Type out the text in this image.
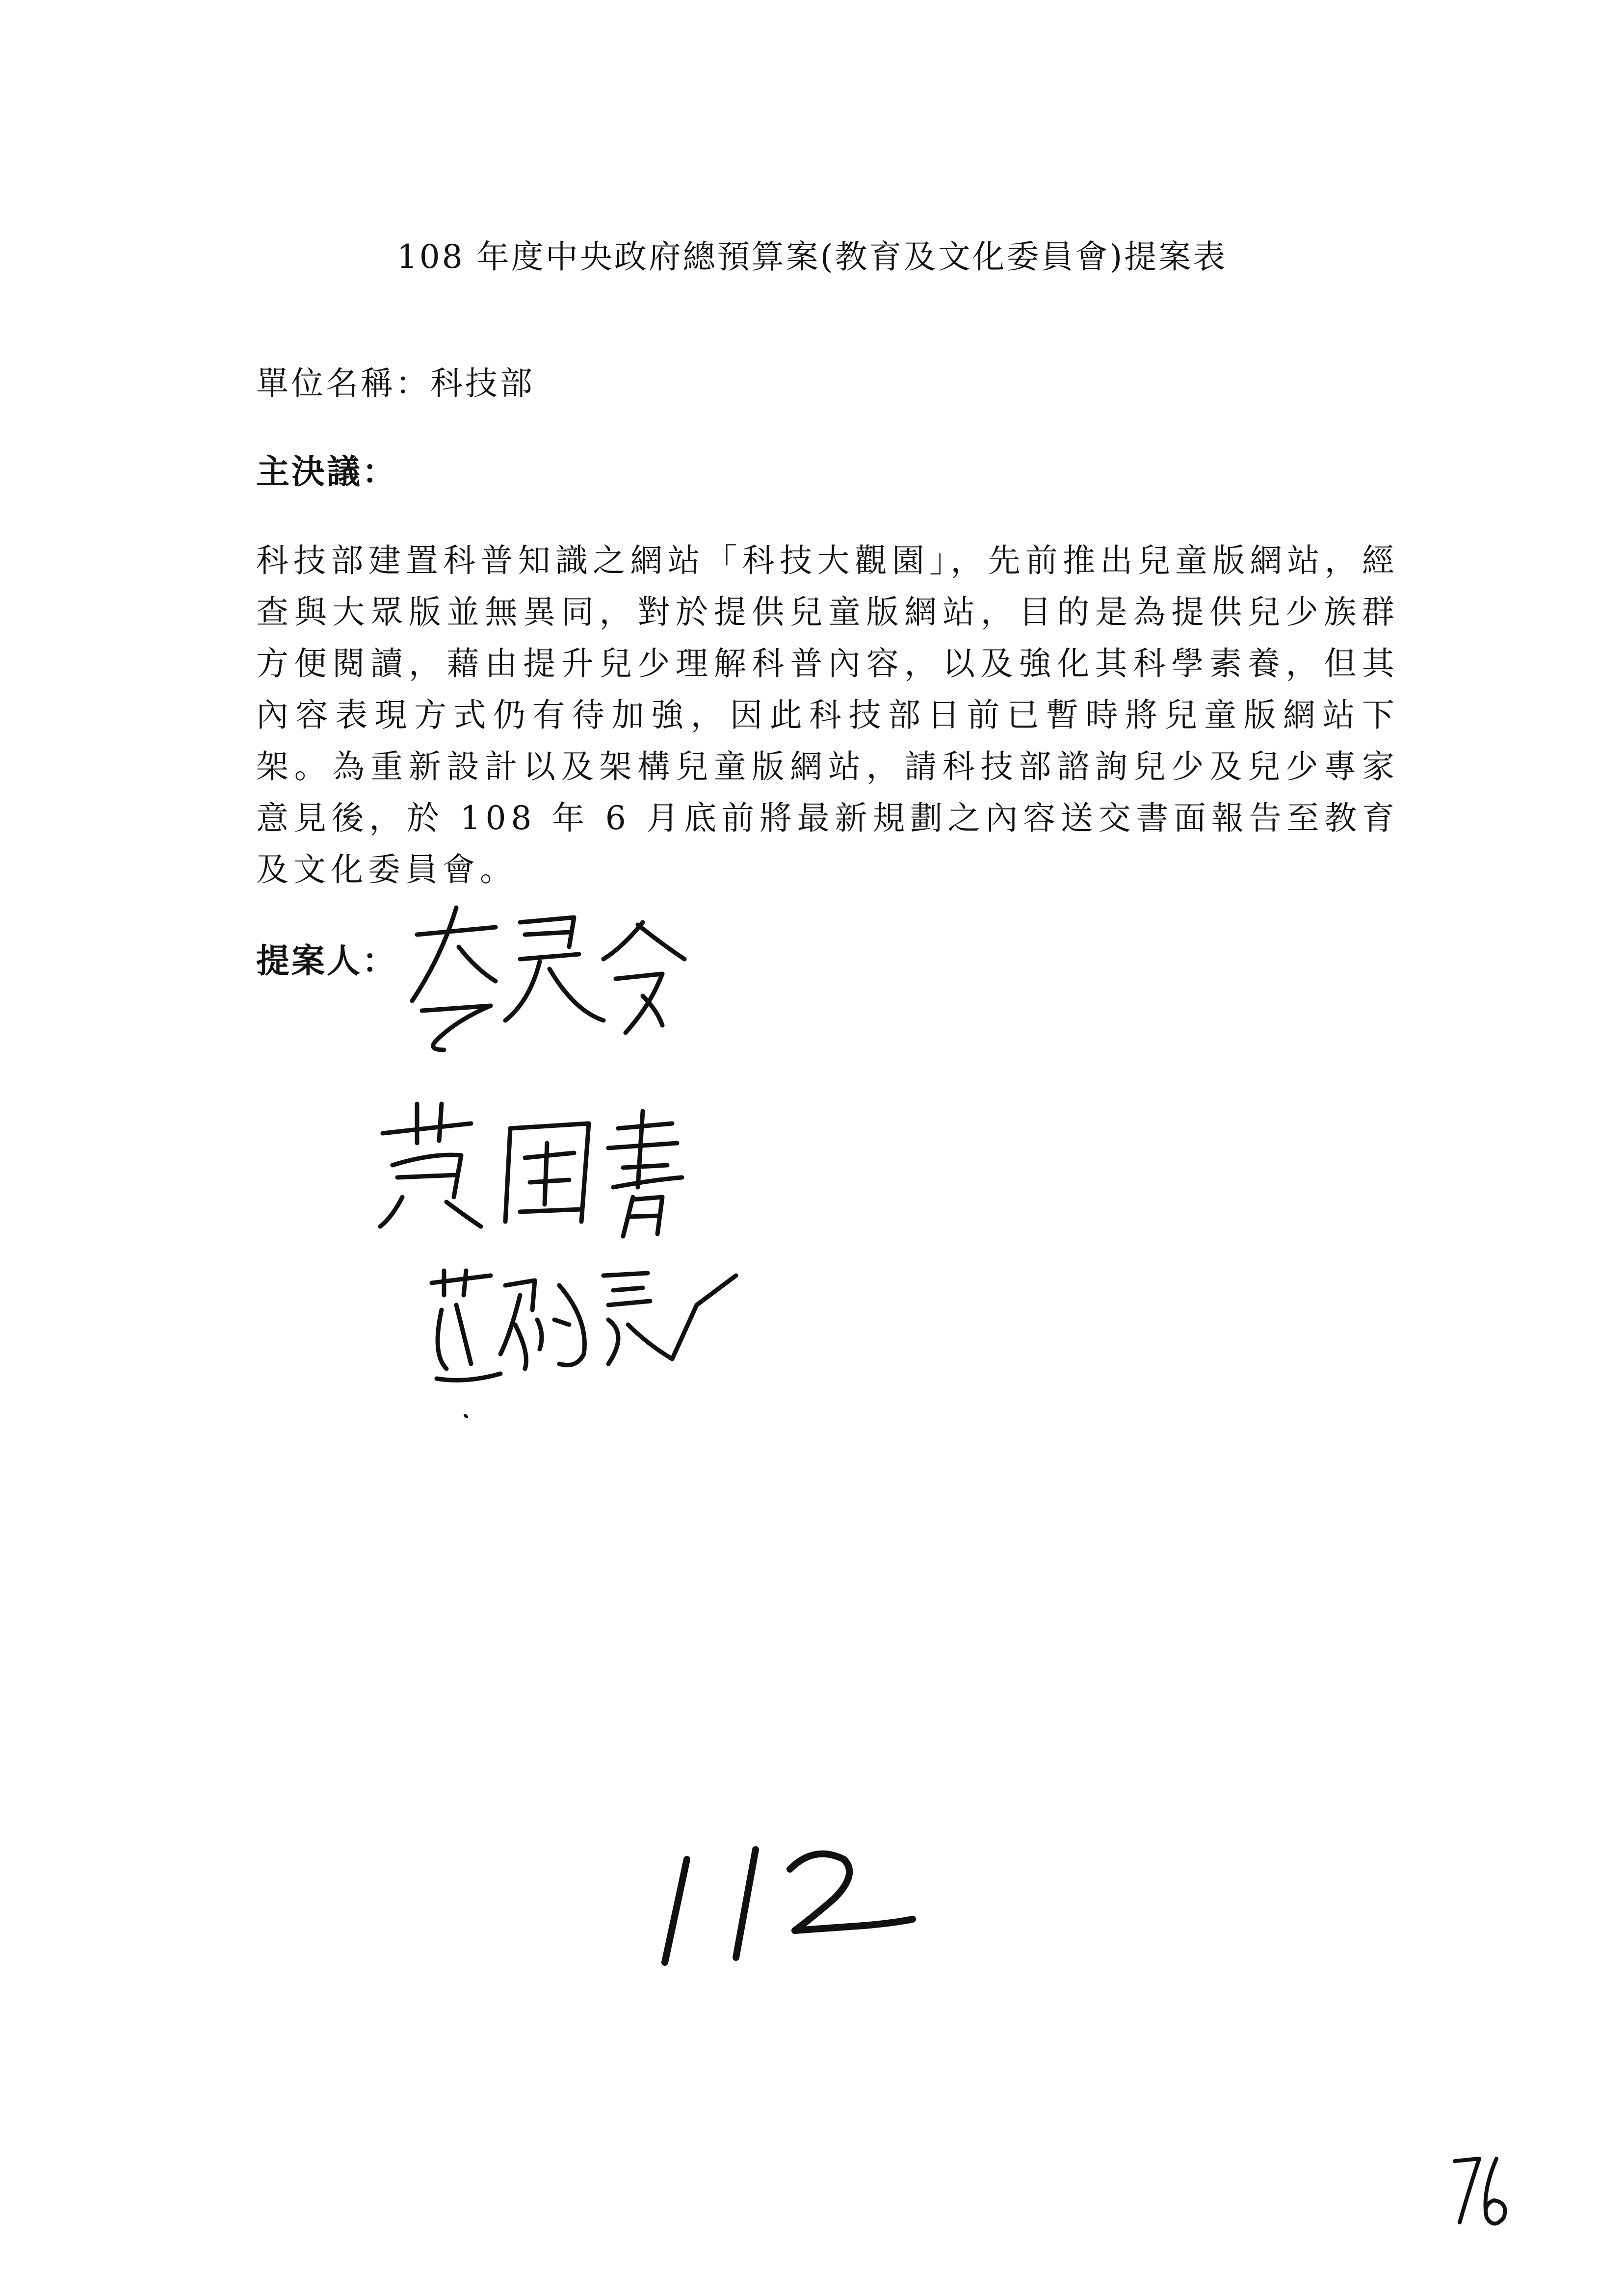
108 年度中央政府總預算案(教育及文化委員會)提案表
單位名稱：科技部
主決議：
科技部建置科普知識之網站「科技大觀園」，先前推出兒童版網站，經查與大眾版並無異同，對於提供兒童版網站，目的是為提供兒少族群方便閱讀，藉由提升兒少理解科普內容，以及強化其科學素養，但其內容表現方式仍有待加強，因此科技部日前已暫時將兒童版網站下架。為重新設計以及架構兒童版網站，請科技部諮詢兒少及兒少專家意見後，於 108 年 6 月底前將最新規劃之內容送交書面報告至教育及文化委員會。
提案人：
